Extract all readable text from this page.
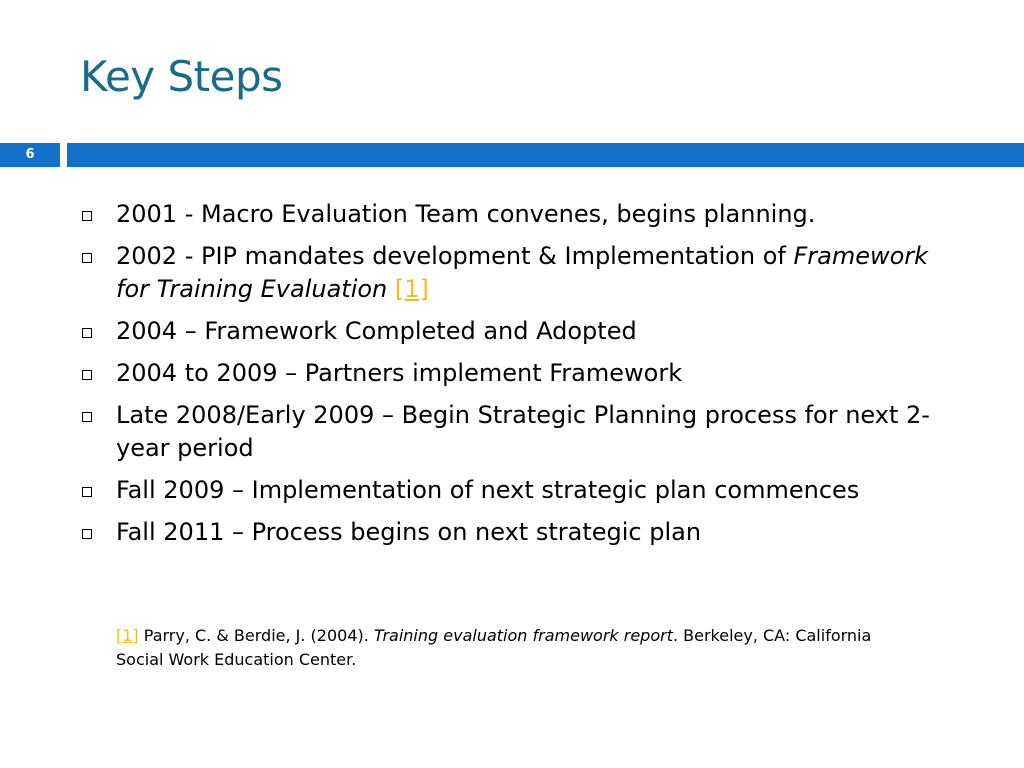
Key Steps
6
2001 - Macro Evaluation Team convenes, begins planning.
2002 - PIP mandates development & Implementation of Framework for Training Evaluation [1]
2004 – Framework Completed and Adopted
2004 to 2009 – Partners implement Framework
Late 2008/Early 2009 – Begin Strategic Planning process for next 2-year period
Fall 2009 – Implementation of next strategic plan commences
Fall 2011 – Process begins on next strategic plan
[1] Parry, C. & Berdie, J. (2004). Training evaluation framework report. Berkeley, CA: California Social Work Education Center.
